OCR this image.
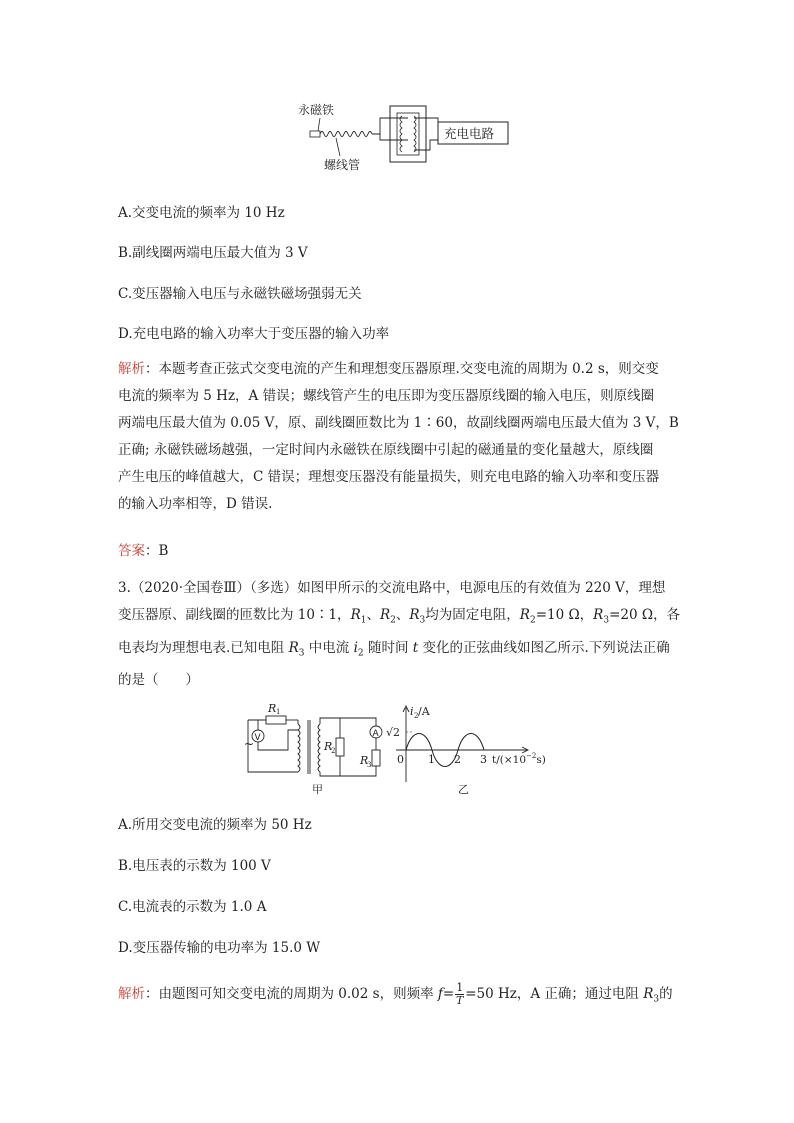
永磁铁
螺线管
充电电路
A.交变电流的频率为 10 Hz
B.副线圈两端电压最大值为 3 V
C.变压器输入电压与永磁铁磁场强弱无关
D.充电电路的输入功率大于变压器的输入功率

解析：本题考查正弦式交变电流的产生和理想变压器原理.交变电流的周期为 0.2 s，则交变

电流的频率为 5 Hz，A 错误；螺线管产生的电压即为变压器原线圈的输入电压，则原线圈

两端电压最大值为 0.05 V，原、副线圈匝数比为 1∶60，故副线圈两端电压最大值为 3 V，B

正确; 永磁铁磁场越强，一定时间内永磁铁在原线圈中引起的磁通量的变化量越大，原线圈

产生电压的峰值越大，C 错误；理想变压器没有能量损失，则充电电路的输入功率和变压器

的输入功率相等，D 错误.

答案：B

3.（2020·全国卷Ⅲ）（多选）如图甲所示的交流电路中，电源电压的有效值为 220 V，理想

变压器原、副线圈的匝数比为 10∶1，$R_1$、$R_2$、$R_3$均为固定电阻，$R_2=10$ Ω，$R_3=20$ Ω，各

电表均为理想电表.已知电阻 $R_3$ 中电流 $i_2$ 随时间 t 变化的正弦曲线如图乙所示.下列说法正确

的是（　　）

~
R 1
V
R
2
A
R
3
甲
i 2 /A
√2
0 1 2 3 $t/(\times 10^{-2}s)$
乙
A.所用交变电流的频率为 50 Hz
B.电压表的示数为 100 V
C.电流表的示数为 1.0 A
D.变压器传输的电功率为 15.0 W
解析：由题图可知交变电流的周期为 0.02 s，则频率 $f= \frac{1}{T} =50$ Hz，A 正确；通过电阻 $R_3$的
